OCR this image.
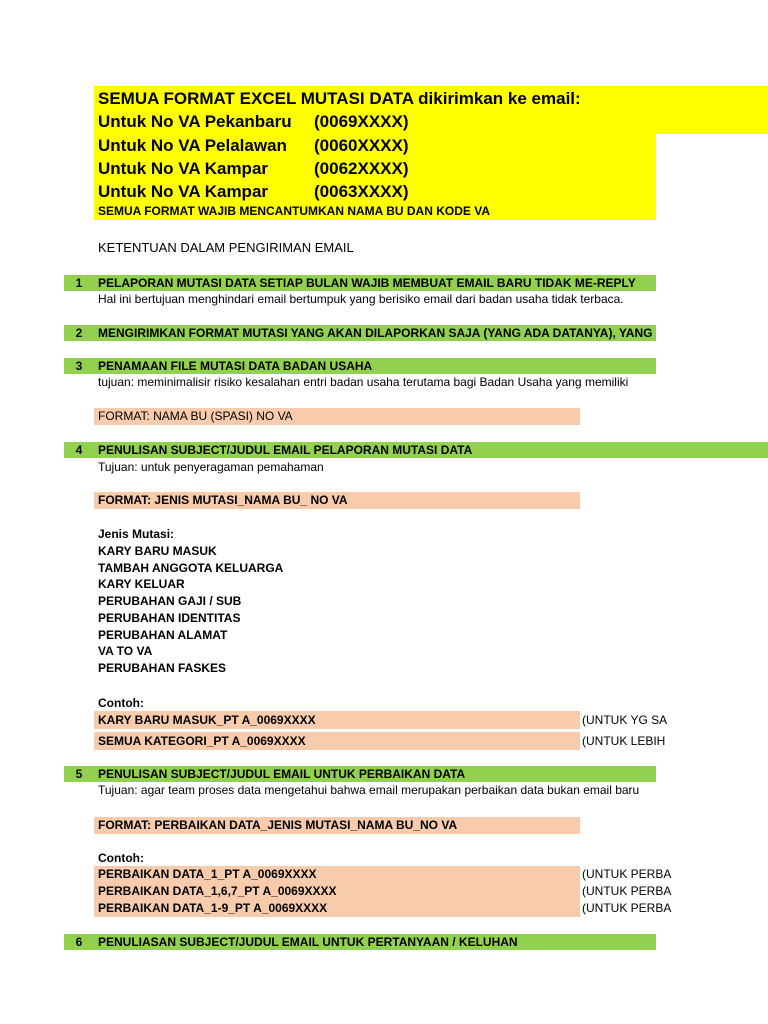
SEMUA FORMAT EXCEL MUTASI DATA dikirimkan ke email:
Untuk No VA Pekanbaru (0069XXXX)
Untuk No VA Pelalawan (0060XXXX)
Untuk No VA Kampar	(0062XXXX)
Untuk No VA Kampar	(0063XXXX)
SEMUA FORMAT WAJIB MENCANTUMKAN NAMA BU DAN KODE VA
KETENTUAN DALAM PENGIRIMAN EMAIL
1	PELAPORAN MUTASI DATA SETIAP BULAN WAJIB MEMBUAT EMAIL BARU TIDAK ME-REPLY
Hal ini bertujuan menghindari email bertumpuk yang berisiko email dari badan usaha tidak terbaca.
2	MENGIRIMKAN FORMAT MUTASI YANG AKAN DILAPORKAN SAJA (YANG ADA DATANYA), YANG
3	PENAMAAN FILE MUTASI DATA BADAN USAHA
tujuan: meminimalisir risiko kesalahan entri badan usaha terutama bagi Badan Usaha yang memiliki
FORMAT: NAMA BU (SPASI) NO VA
4	PENULISAN SUBJECT/JUDUL EMAIL PELAPORAN MUTASI DATA
Tujuan: untuk penyeragaman pemahaman
FORMAT: JENIS MUTASI_NAMA BU_ NO VA
Jenis Mutasi:
KARY BARU MASUK
TAMBAH ANGGOTA KELUARGA
KARY KELUAR
PERUBAHAN GAJI / SUB
PERUBAHAN IDENTITAS
PERUBAHAN ALAMAT
VA TO VA
PERUBAHAN FASKES
Contoh:
KARY BARU MASUK_PT A_0069XXXX	(UNTUK YG SA
SEMUA KATEGORI_PT A_0069XXXX	(UNTUK LEBIH
5	PENULISAN SUBJECT/JUDUL EMAIL UNTUK PERBAIKAN DATA
Tujuan: agar team proses data mengetahui bahwa email merupakan perbaikan data bukan email baru
FORMAT: PERBAIKAN DATA_JENIS MUTASI_NAMA BU_NO VA
Contoh:
PERBAIKAN DATA_1_PT A_0069XXXX	(UNTUK PERBA
PERBAIKAN DATA_1,6,7_PT A_0069XXXX	(UNTUK PERBA
PERBAIKAN DATA_1-9_PT A_0069XXXX	(UNTUK PERBA
6	PENULIASAN SUBJECT/JUDUL EMAIL UNTUK PERTANYAAN / KELUHAN
